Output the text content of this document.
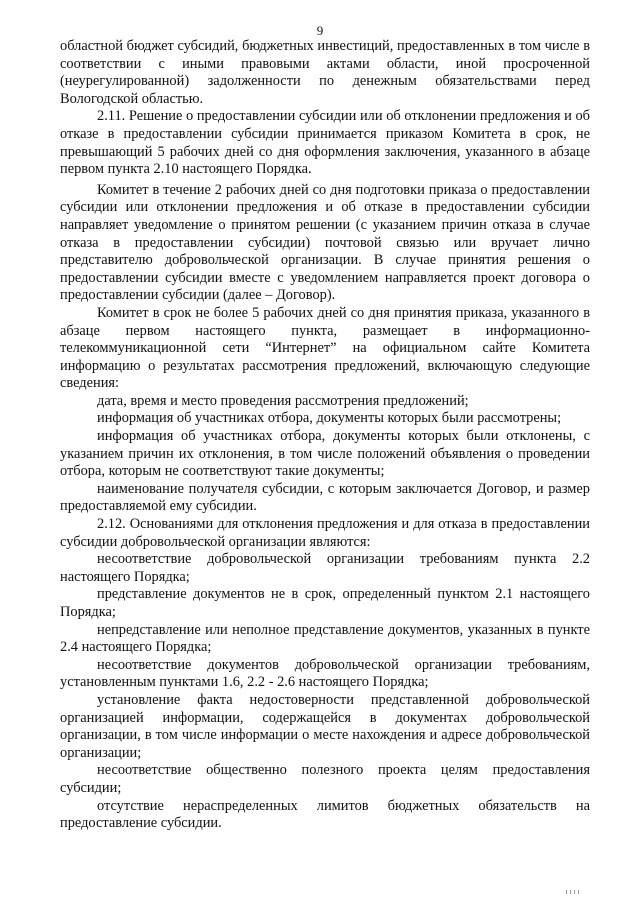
9

областной бюджет субсидий, бюджетных инвестиций, предоставленных в том числе в соответствии с иными правовыми актами области, иной просроченной (неурегулированной) задолженности по денежным обязательствами перед Вологодской областью.

2.11. Решение о предоставлении субсидии или об отклонении предложения и об отказе в предоставлении субсидии принимается приказом Комитета в срок, не превышающий 5 рабочих дней со дня оформления заключения, указанного в абзаце первом пункта 2.10 настоящего Порядка.

Комитет в течение 2 рабочих дней со дня подготовки приказа о предоставлении субсидии или отклонении предложения и об отказе в предоставлении субсидии направляет уведомление о принятом решении (с указанием причин отказа в случае отказа в предоставлении субсидии) почтовой связью или вручает лично представителю добровольческой организации. В случае принятия решения о предоставлении субсидии вместе с уведомлением направляется проект договора о предоставлении субсидии (далее – Договор).

Комитет в срок не более 5 рабочих дней со дня принятия приказа, указанного в абзаце первом настоящего пункта, размещает в информационно-телекоммуникационной сети “Интернет” на официальном сайте Комитета информацию о результатах рассмотрения предложений, включающую следующие сведения:

дата, время и место проведения рассмотрения предложений;

информация об участниках отбора, документы которых были рассмотрены;

информация об участниках отбора, документы которых были отклонены, с указанием причин их отклонения, в том числе положений объявления о проведении отбора, которым не соответствуют такие документы;

наименование получателя субсидии, с которым заключается Договор, и размер предоставляемой ему субсидии.

2.12. Основаниями для отклонения предложения и для отказа в предоставлении субсидии добровольческой организации являются:

несоответствие добровольческой организации требованиям пункта 2.2 настоящего Порядка;

представление документов не в срок, определенный пунктом 2.1 настоящего Порядка;

непредставление или неполное представление документов, указанных в пункте 2.4 настоящего Порядка;

несоответствие документов добровольческой организации требованиям, установленным пунктами 1.6, 2.2 - 2.6 настоящего Порядка;

установление факта недостоверности представленной добровольческой организацией информации, содержащейся в документах добровольческой организации, в том числе информации о месте нахождения и адресе добровольческой организации;

несоответствие общественно полезного проекта целям предоставления субсидии;

отсутствие нераспределенных лимитов бюджетных обязательств на предоставление субсидии.
